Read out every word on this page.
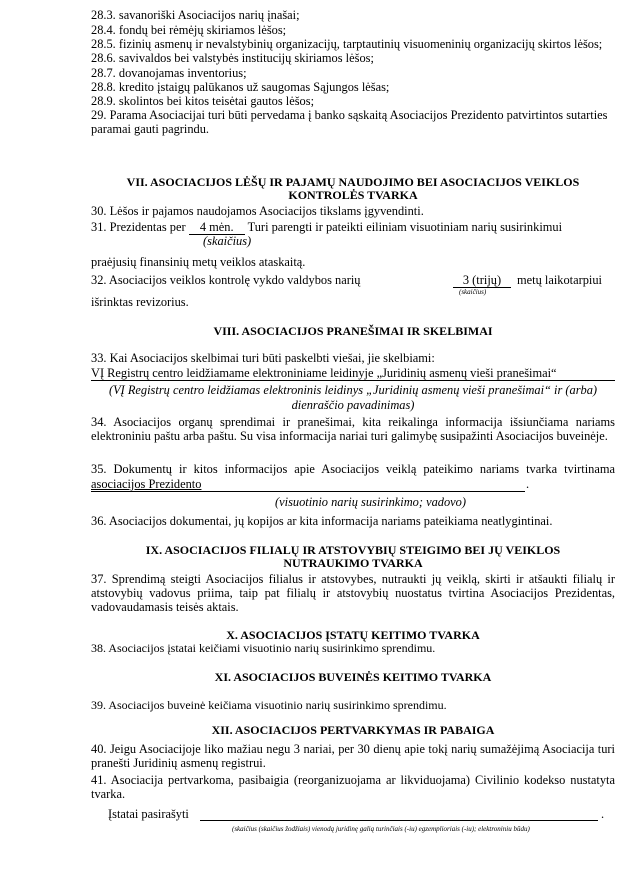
28.3. savanoriški Asociacijos narių įnašai;
28.4. fondų bei rėmėjų skiriamos lėšos;
28.5. fizinių asmenų ir nevalstybinių organizacijų, tarptautinių visuomeninių organizacijų skirtos lėšos;
28.6. savivaldos bei valstybės institucijų skiriamos lėšos;
28.7. dovanojamas inventorius;
28.8. kredito įstaigų palūkanos už saugomas Sąjungos lėšas;
28.9. skolintos bei kitos teisėtai gautos lėšos;
29. Parama Asociacijai turi būti pervedama į banko sąskaitą Asociacijos Prezidento patvirtintos sutarties paramai gauti pagrindu.
VII. ASOCIACIJOS LĖŠŲ IR PAJAMŲ NAUDOJIMO BEI ASOCIACIJOS VEIKLOS KONTROLĖS TVARKA
30. Lėšos ir pajamos naudojamos Asociacijos tikslams įgyvendinti.
31. Prezidentas per 4 mėn. Turi parengti ir pateikti eiliniam visuotiniam narių susirinkimui
(skaičius)
praėjusių finansinių metų veiklos ataskaitą.
32. Asociacijos veiklos kontrolę vykdo valdybos narių	3 (trijų)	metų laikotarpiui
(skaičius)
išrinktas revizorius.
VIII. ASOCIACIJOS PRANEŠIMAI IR SKELBIMAI
33. Kai Asociacijos skelbimai turi būti paskelbti viešai, jie skelbiami:
VĮ Registrų centro leidžiamame elektroniniame leidinyje „Juridinių asmenų vieši pranešimai“
(VĮ Registrų centro leidžiamas elektroninis leidinys „Juridinių asmenų vieši pranešimai“ ir (arba) dienraščio pavadinimas)
34. Asociacijos organų sprendimai ir pranešimai, kita reikalinga informacija išsiunčiama nariams elektroniniu paštu arba paštu. Su visa informacija nariai turi galimybę susipažinti Asociacijos buveinėje.
35. Dokumentų ir kitos informacijos apie Asociacijos veiklą pateikimo nariams tvarka tvirtinama
asociacijos Prezidento	.
(visuotinio narių susirinkimo; vadovo)
36. Asociacijos dokumentai, jų kopijos ar kita informacija nariams pateikiama neatlygintinai.
IX. ASOCIACIJOS FILIALŲ IR ATSTOVYBIŲ STEIGIMO BEI JŲ VEIKLOS NUTRAUKIMO TVARKA
37. Sprendimą steigti Asociacijos filialus ir atstovybes, nutraukti jų veiklą, skirti ir atšaukti filialų ir atstovybių vadovus priima, taip pat filialų ir atstovybių nuostatus tvirtina Asociacijos Prezidentas, vadovaudamasis teisės aktais.
X. ASOCIACIJOS ĮSTATŲ KEITIMO TVARKA
38. Asociacijos įstatai keičiami visuotinio narių susirinkimo sprendimu.
XI. ASOCIACIJOS BUVEINĖS KEITIMO TVARKA
39. Asociacijos buveinė keičiama visuotinio narių susirinkimo sprendimu.
XII. ASOCIACIJOS PERTVARKYMAS IR PABAIGA
40. Jeigu Asociacijoje liko mažiau negu 3 nariai, per 30 dienų apie tokį narių sumažėjimą Asociacija turi pranešti Juridinių asmenų registrui.
41. Asociacija pertvarkoma, pasibaigia (reorganizuojama ar likviduojama) Civilinio kodekso nustatyta tvarka.
Įstatai pasirašyti	.
(skaičius (skaičius žodžiais) vienodą juridinę galią turinčiais (-iu) egzemplioriais (-iu); elektroniniu būdu)
